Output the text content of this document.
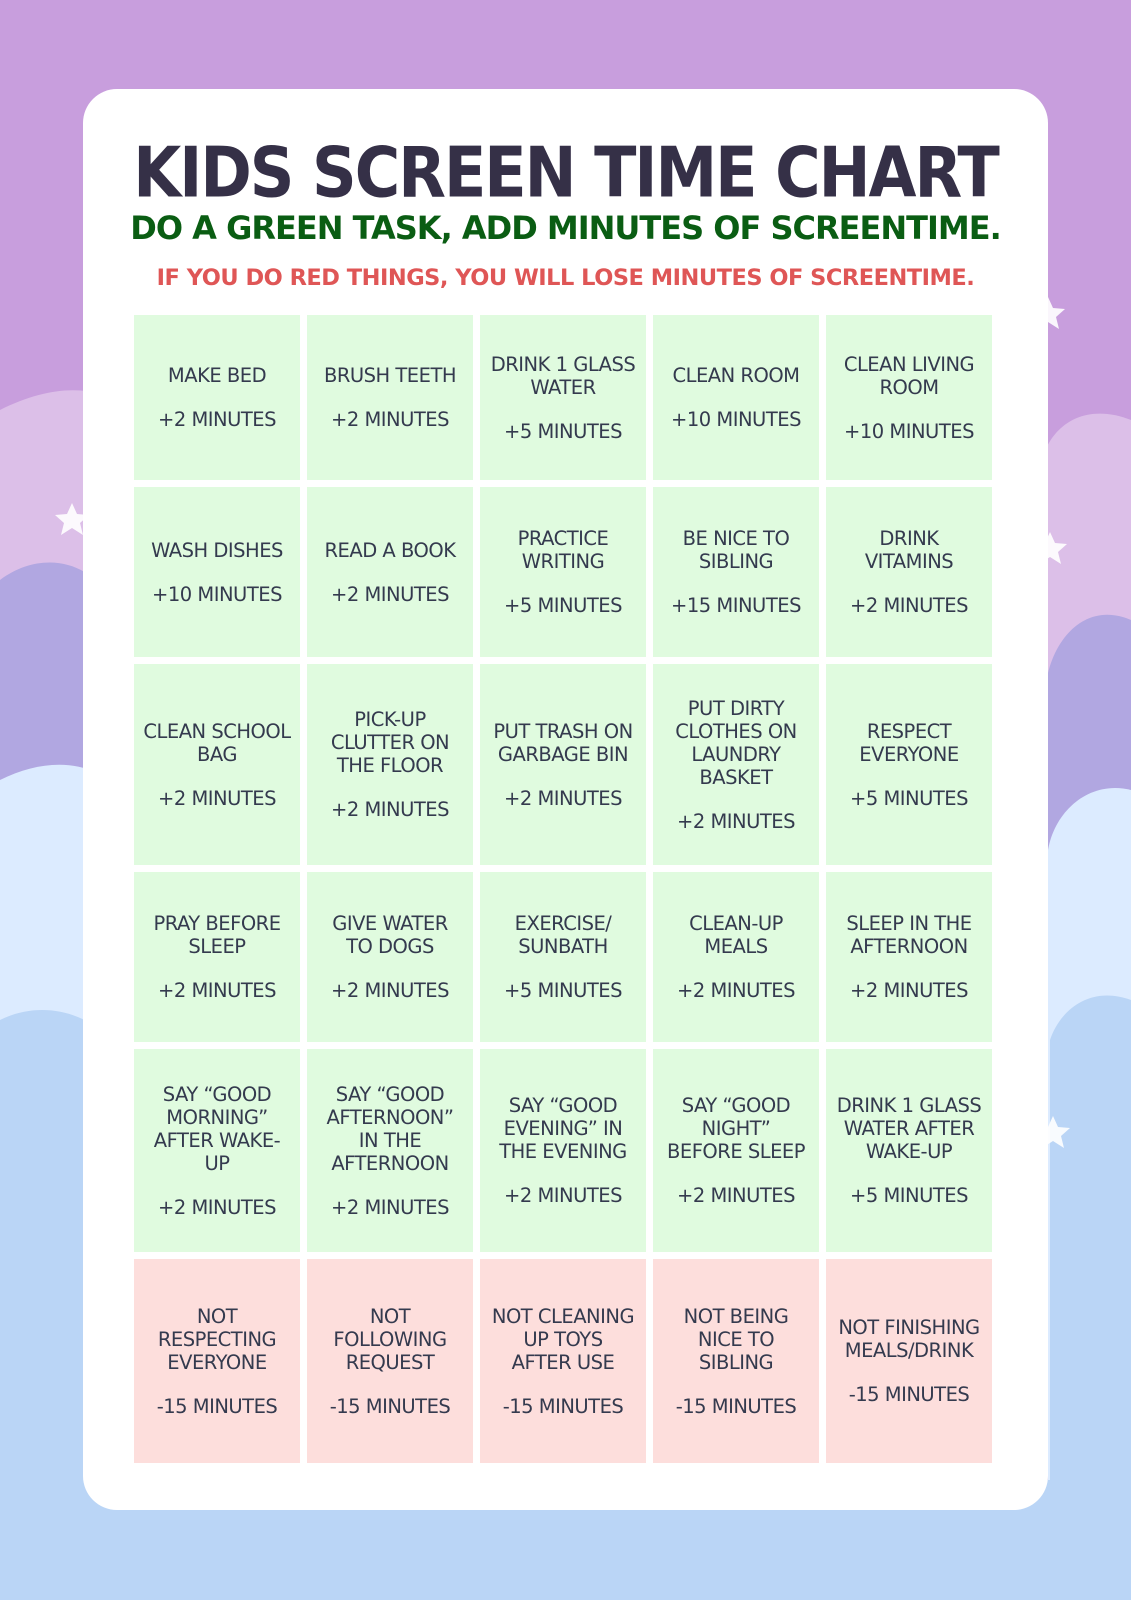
KIDS SCREEN TIME CHART

DO A GREEN TASK, ADD MINUTES OF SCREENTIME.

IF YOU DO RED THINGS, YOU WILL LOSE MINUTES OF SCREENTIME.

MAKE BED
+2 MINUTES
BRUSH TEETH
+2 MINUTES
DRINK 1 GLASS
WATER
+5 MINUTES
CLEAN ROOM
+10 MINUTES
CLEAN LIVING
ROOM
+10 MINUTES
WASH DISHES
+10 MINUTES
READ A BOOK
+2 MINUTES
PRACTICE
WRITING
+5 MINUTES
BE NICE TO
SIBLING
+15 MINUTES
DRINK
VITAMINS
+2 MINUTES
CLEAN SCHOOL
BAG
+2 MINUTES
PICK-UP
CLUTTER ON
THE FLOOR
+2 MINUTES
PUT TRASH ON
GARBAGE BIN
+2 MINUTES
PUT DIRTY
CLOTHES ON
LAUNDRY
BASKET
+2 MINUTES
RESPECT
EVERYONE
+5 MINUTES
PRAY BEFORE
SLEEP
+2 MINUTES
GIVE WATER
TO DOGS
+2 MINUTES
EXERCISE/
SUNBATH
+5 MINUTES
CLEAN-UP
MEALS
+2 MINUTES
SLEEP IN THE
AFTERNOON
+2 MINUTES
SAY “GOOD
MORNING”
AFTER WAKE-
UP
+2 MINUTES
SAY “GOOD
AFTERNOON”
IN THE
AFTERNOON
+2 MINUTES
SAY “GOOD
EVENING” IN
THE EVENING
+2 MINUTES
SAY “GOOD
NIGHT”
BEFORE SLEEP
+2 MINUTES
DRINK 1 GLASS
WATER AFTER
WAKE-UP
+5 MINUTES
NOT
RESPECTING
EVERYONE
-15 MINUTES
NOT
FOLLOWING
REQUEST
-15 MINUTES
NOT CLEANING
UP TOYS
AFTER USE
-15 MINUTES
NOT BEING
NICE TO
SIBLING
-15 MINUTES
NOT FINISHING
MEALS/DRINK
-15 MINUTES
